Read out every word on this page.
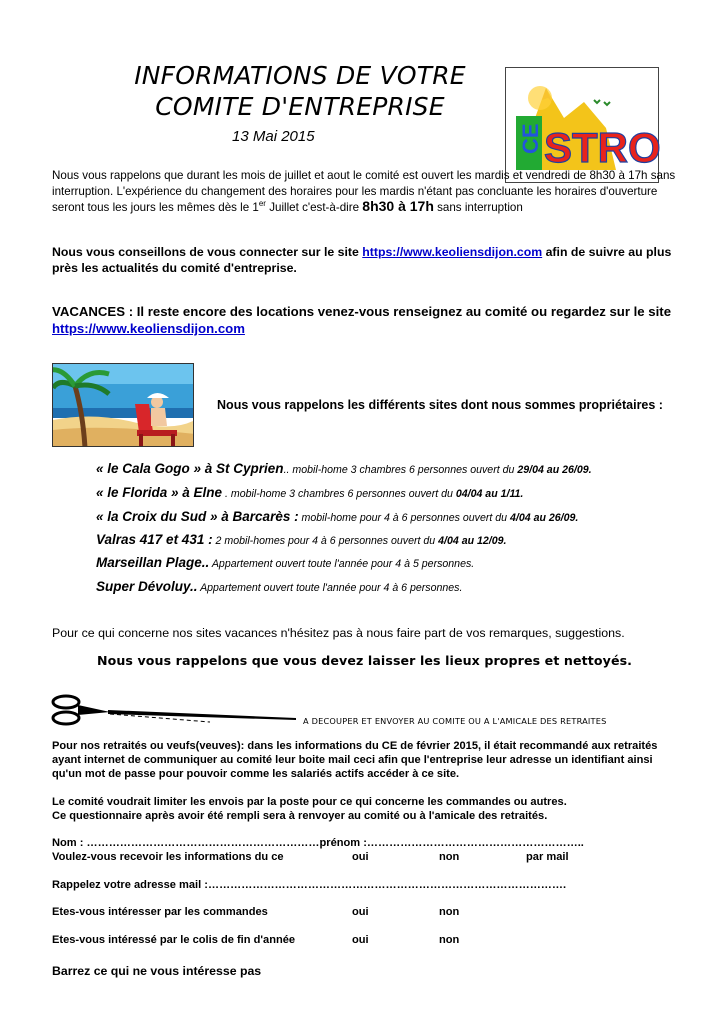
INFORMATIONS DE VOTRE
COMITE D'ENTREPRISE
13 Mai 2015	CE STRO
Nous vous rappelons que durant les mois de juillet et aout le comité est ouvert les mardis et vendredi de 8h30 à 17h sans interruption. L'expérience du changement des horaires pour les mardis n'étant pas concluante les horaires d'ouverture seront tous les jours les mêmes dès le 1er Juillet c'est-à-dire 8h30 à 17h sans interruption
Nous vous conseillons de vous connecter sur le site https://www.keoliensdijon.com afin de suivre au plus près les actualités du comité d'entreprise.
VACANCES : Il reste encore des locations venez-vous renseignez au comité ou regardez sur le site https://www.keoliensdijon.com
Nous vous rappelons les différents sites dont nous sommes propriétaires :
« le Cala Gogo » à St Cyprien.. mobil-home 3 chambres 6 personnes ouvert du 29/04 au 26/09.
« le Florida » à Elne . mobil-home 3 chambres 6 personnes ouvert du 04/04 au 1/11.
« la Croix du Sud » à Barcarès : mobil-home pour 4 à 6 personnes ouvert du 4/04 au 26/09.
Valras 417 et 431 : 2 mobil-homes pour 4 à 6 personnes ouvert du 4/04 au 12/09.
Marseillan Plage.. Appartement ouvert toute l'année pour 4 à 5 personnes.
Super Dévoluy.. Appartement ouvert toute l'année pour 4 à 6 personnes.
Pour ce qui concerne nos sites vacances n'hésitez pas à nous faire part de vos remarques, suggestions.
Nous vous rappelons que vous devez laisser les lieux propres et nettoyés.
A DECOUPER ET ENVOYER AU COMITE OU A L'AMICALE DES RETRAITES
Pour nos retraités ou veufs(veuves): dans les informations du CE de février 2015, il était recommandé aux retraités ayant internet de communiquer au comité leur boite mail ceci afin que l'entreprise leur adresse un identifiant ainsi qu'un mot de passe pour pouvoir comme les salariés actifs accéder à ce site.
Le comité voudrait limiter les envois par la poste pour ce qui concerne les commandes ou autres.
Ce questionnaire après avoir été rempli sera à renvoyer au comité ou à l'amicale des retraités.
Nom : ………………………………………………………prénom :…………………………………………………..
Voulez-vous recevoir les informations du ce	oui	non	par mail
Rappelez votre adresse mail :…………………………………………………………………………………….
Etes-vous intéresser par les commandes	oui	non
Etes-vous intéressé par le colis de fin d'année	oui	non
Barrez ce qui ne vous intéresse pas
